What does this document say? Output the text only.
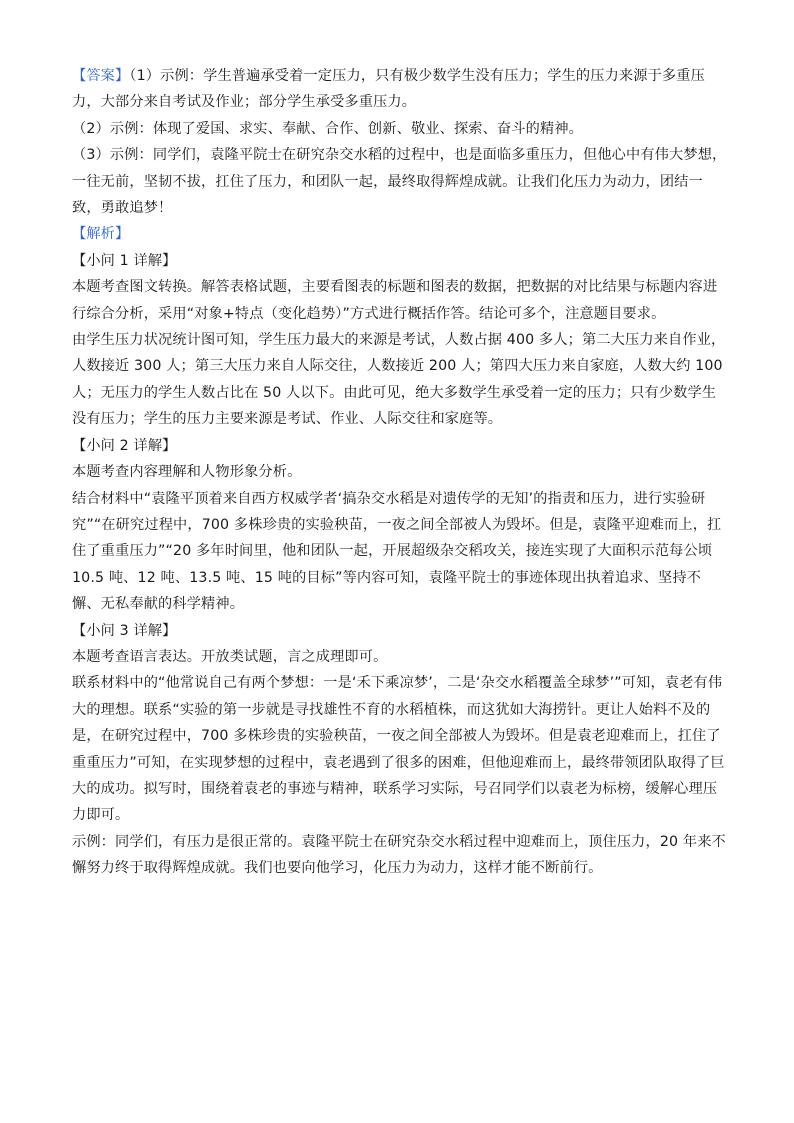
【答案】（1）示例：学生普遍承受着一定压力，只有极少数学生没有压力；学生的压力来源于多重压力，大部分来自考试及作业；部分学生承受多重压力。

（2）示例：体现了爱国、求实、奉献、合作、创新、敬业、探索、奋斗的精神。

（3）示例：同学们，袁隆平院士在研究杂交水稻的过程中，也是面临多重压力，但他心中有伟大梦想，一往无前，坚韧不拔，扛住了压力，和团队一起，最终取得辉煌成就。让我们化压力为动力，团结一致，勇敢追梦！

【解析】

【小问 1 详解】

本题考查图文转换。解答表格试题，主要看图表的标题和图表的数据，把数据的对比结果与标题内容进行综合分析，采用“对象+特点（变化趋势）”方式进行概括作答。结论可多个，注意题目要求。

由学生压力状况统计图可知，学生压力最大的来源是考试，人数占据 400 多人；第二大压力来自作业，人数接近 300 人；第三大压力来自人际交往，人数接近 200 人；第四大压力来自家庭，人数大约 100 人；无压力的学生人数占比在 50 人以下。由此可见，绝大多数学生承受着一定的压力；只有少数学生没有压力；学生的压力主要来源是考试、作业、人际交往和家庭等。

【小问 2 详解】

本题考查内容理解和人物形象分析。

结合材料中“袁隆平顶着来自西方权威学者‘搞杂交水稻是对遗传学的无知’的指责和压力，进行实验研究”“在研究过程中，700 多株珍贵的实验秧苗，一夜之间全部被人为毁坏。但是，袁隆平迎难而上，扛住了重重压力”“20 多年时间里，他和团队一起，开展超级杂交稻攻关，接连实现了大面积示范每公顷 10.5 吨、12 吨、13.5 吨、15 吨的目标”等内容可知，袁隆平院士的事迹体现出执着追求、坚持不懈、无私奉献的科学精神。

【小问 3 详解】

本题考查语言表达。开放类试题，言之成理即可。

联系材料中的“他常说自己有两个梦想：一是‘禾下乘凉梦’，二是‘杂交水稻覆盖全球梦’”可知，袁老有伟大的理想。联系“实验的第一步就是寻找雄性不育的水稻植株，而这犹如大海捞针。更让人始料不及的是，在研究过程中，700 多株珍贵的实验秧苗，一夜之间全部被人为毁坏。但是袁老迎难而上，扛住了重重压力”可知，在实现梦想的过程中，袁老遇到了很多的困难，但他迎难而上，最终带领团队取得了巨大的成功。拟写时，围绕着袁老的事迹与精神，联系学习实际，号召同学们以袁老为标榜，缓解心理压力即可。

示例：同学们，有压力是很正常的。袁隆平院士在研究杂交水稻过程中迎难而上，顶住压力，20 年来不懈努力终于取得辉煌成就。我们也要向他学习，化压力为动力，这样才能不断前行。
